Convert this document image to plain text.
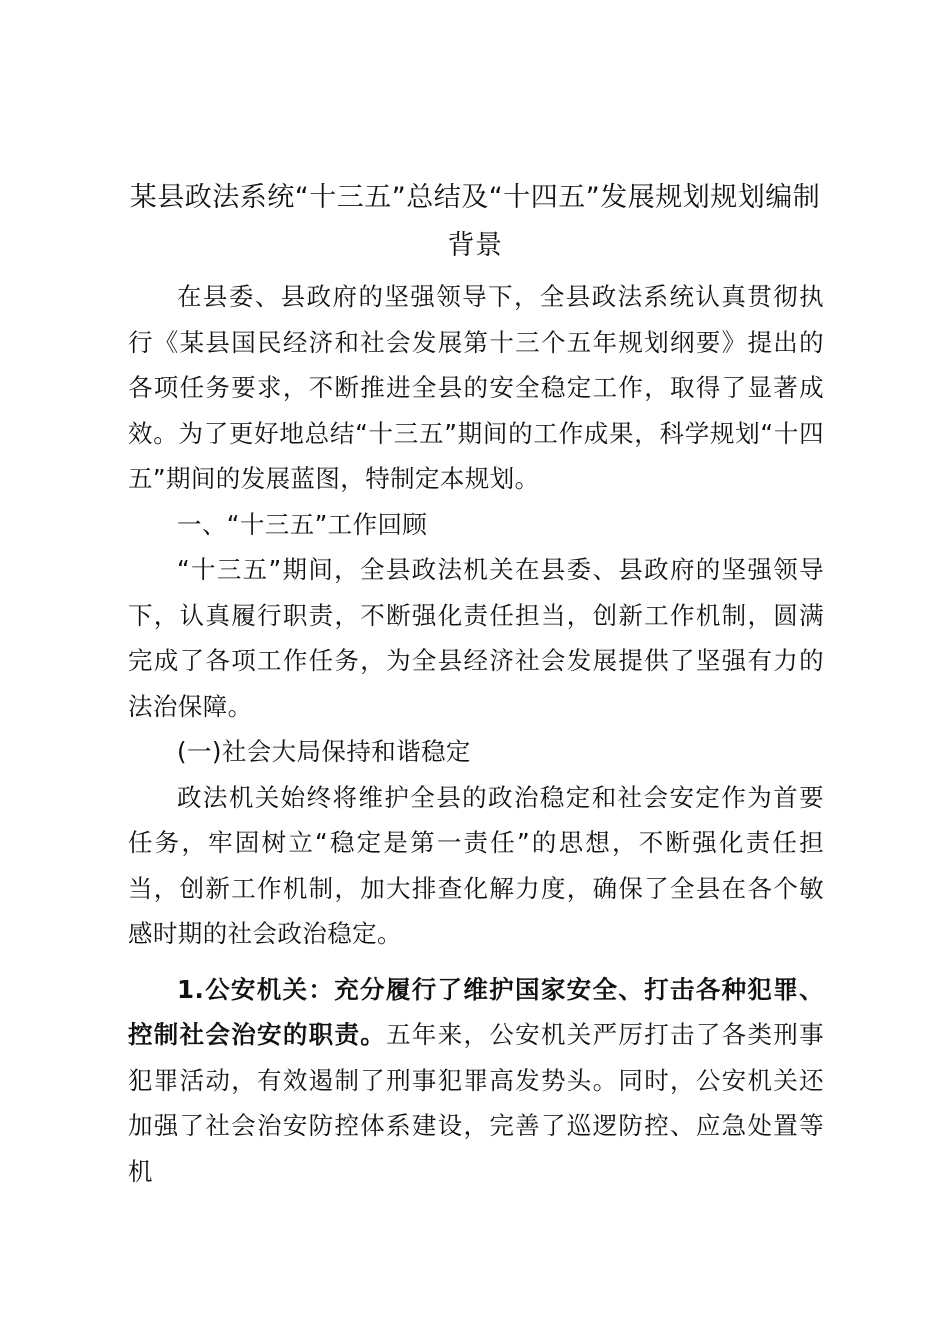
某县政法系统“十三五”总结及“十四五”发展规划规划编制背景

在县委、县政府的坚强领导下，全县政法系统认真贯彻执行《某县国民经济和社会发展第十三个五年规划纲要》提出的各项任务要求，不断推进全县的安全稳定工作，取得了显著成效。为了更好地总结“十三五”期间的工作成果，科学规划“十四五”期间的发展蓝图，特制定本规划。

一、“十三五”工作回顾

“十三五”期间，全县政法机关在县委、县政府的坚强领导下，认真履行职责，不断强化责任担当，创新工作机制，圆满完成了各项工作任务，为全县经济社会发展提供了坚强有力的法治保障。

(一)社会大局保持和谐稳定

政法机关始终将维护全县的政治稳定和社会安定作为首要任务，牢固树立“稳定是第一责任”的思想，不断强化责任担当，创新工作机制，加大排查化解力度，确保了全县在各个敏感时期的社会政治稳定。

1.公安机关：充分履行了维护国家安全、打击各种犯罪、控制社会治安的职责。五年来，公安机关严厉打击了各类刑事犯罪活动，有效遏制了刑事犯罪高发势头。同时，公安机关还加强了社会治安防控体系建设，完善了巡逻防控、应急处置等机
